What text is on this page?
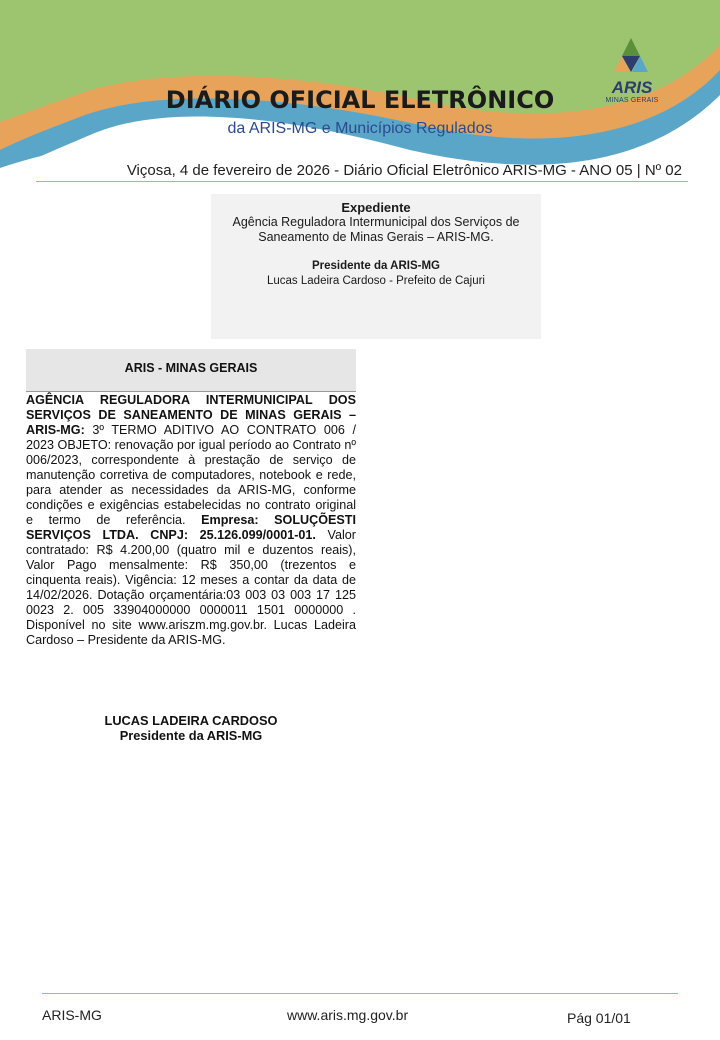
ARIS
MINAS GERAIS
DIÁRIO OFICIAL ELETRÔNICO
da ARIS-MG e Municípios Regulados
Viçosa, 4 de fevereiro de 2026 - Diário Oficial Eletrônico ARIS-MG - ANO 05 | Nº 02
Expediente
Agência Reguladora Intermunicipal dos Serviços de Saneamento de Minas Gerais – ARIS-MG.
Presidente da ARIS-MG
Lucas Ladeira Cardoso - Prefeito de Cajuri
ARIS - MINAS GERAIS
AGÊNCIA REGULADORA INTERMUNICIPAL DOS SERVIÇOS DE SANEAMENTO DE MINAS GERAIS – ARIS-MG: 3º TERMO ADITIVO AO CONTRATO 006 / 2023 OBJETO: renovação por igual período ao Contrato nº 006/2023, correspondente à prestação de serviço de manutenção corretiva de computadores, notebook e rede, para atender as necessidades da ARIS-MG, conforme condições e exigências estabelecidas no contrato original e termo de referência. Empresa: SOLUÇÕESTI SERVIÇOS LTDA. CNPJ: 25.126.099/0001-01. Valor contratado: R$ 4.200,00 (quatro mil e duzentos reais), Valor Pago mensalmente: R$ 350,00 (trezentos e cinquenta reais). Vigência: 12 meses a contar da data de 14/02/2026. Dotação orçamentária:03 003 03 003 17 125 0023 2. 005 33904000000 0000011 1501 0000000 . Disponível no site www.ariszm.mg.gov.br. Lucas Ladeira Cardoso – Presidente da ARIS-MG.
LUCAS LADEIRA CARDOSO
Presidente da ARIS-MG
ARIS-MG	www.aris.mg.gov.br	Pág 01/01
